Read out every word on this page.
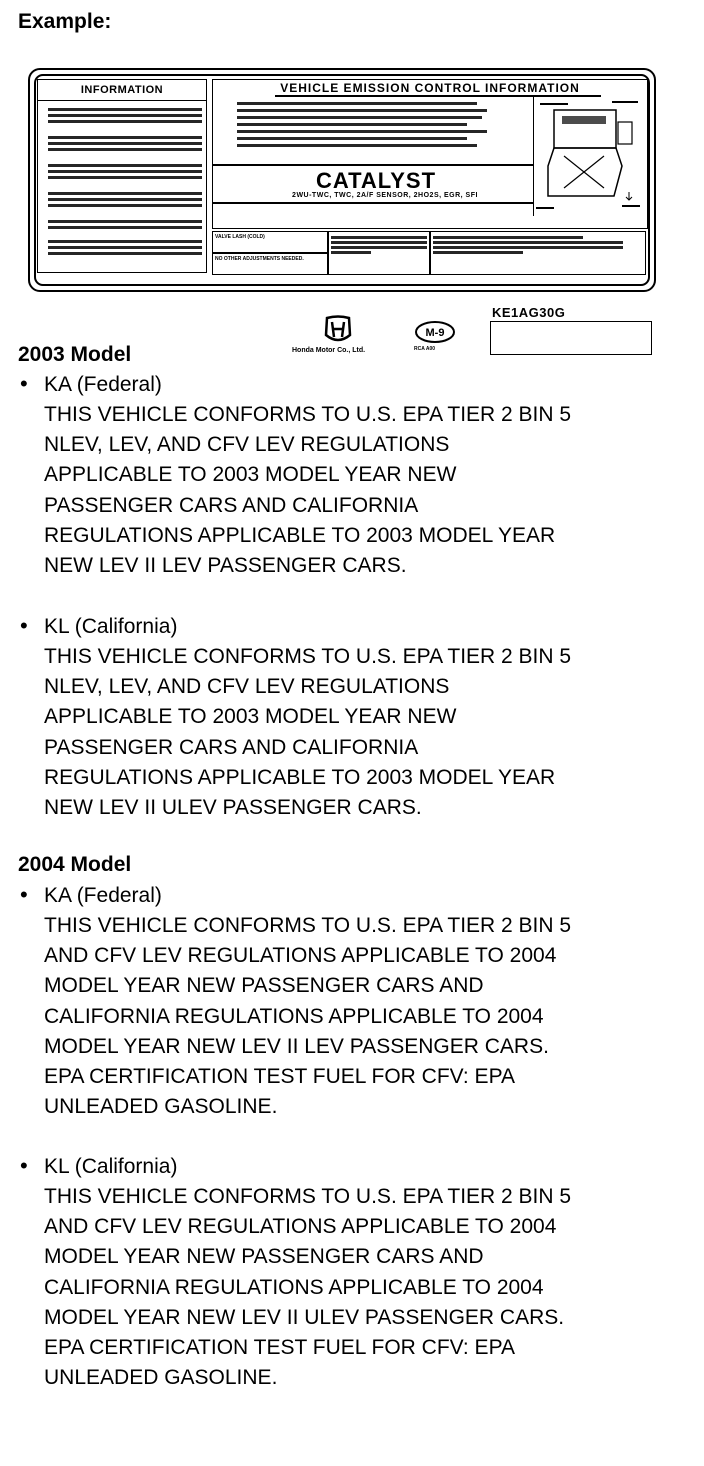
Example:
INFORMATION
▶
▶
▶
▶
▶
▶	VEHICLE EMISSION CONTROL INFORMATION
CATALYST
2WU-TWC, TWC, 2A/F SENSOR, 2HO2S, EGR, SFI
VALVE LASH (COLD)
NO OTHER ADJUSTMENTS NEEDED.
Honda Motor Co., Ltd.
M-9
RCA A00
KE1AG30G
2003 Model
• KA (Federal)
THIS VEHICLE CONFORMS TO U.S. EPA TIER 2 BIN 5
NLEV, LEV, AND CFV LEV REGULATIONS
APPLICABLE TO 2003 MODEL YEAR NEW
PASSENGER CARS AND CALIFORNIA
REGULATIONS APPLICABLE TO 2003 MODEL YEAR
NEW LEV II LEV PASSENGER CARS.
• KL (California)
THIS VEHICLE CONFORMS TO U.S. EPA TIER 2 BIN 5
NLEV, LEV, AND CFV LEV REGULATIONS
APPLICABLE TO 2003 MODEL YEAR NEW
PASSENGER CARS AND CALIFORNIA
REGULATIONS APPLICABLE TO 2003 MODEL YEAR
NEW LEV II ULEV PASSENGER CARS.
2004 Model
• KA (Federal)
THIS VEHICLE CONFORMS TO U.S. EPA TIER 2 BIN 5
AND CFV LEV REGULATIONS APPLICABLE TO 2004
MODEL YEAR NEW PASSENGER CARS AND
CALIFORNIA REGULATIONS APPLICABLE TO 2004
MODEL YEAR NEW LEV II LEV PASSENGER CARS.
EPA CERTIFICATION TEST FUEL FOR CFV: EPA
UNLEADED GASOLINE.
• KL (California)
THIS VEHICLE CONFORMS TO U.S. EPA TIER 2 BIN 5
AND CFV LEV REGULATIONS APPLICABLE TO 2004
MODEL YEAR NEW PASSENGER CARS AND
CALIFORNIA REGULATIONS APPLICABLE TO 2004
MODEL YEAR NEW LEV II ULEV PASSENGER CARS.
EPA CERTIFICATION TEST FUEL FOR CFV: EPA
UNLEADED GASOLINE.
